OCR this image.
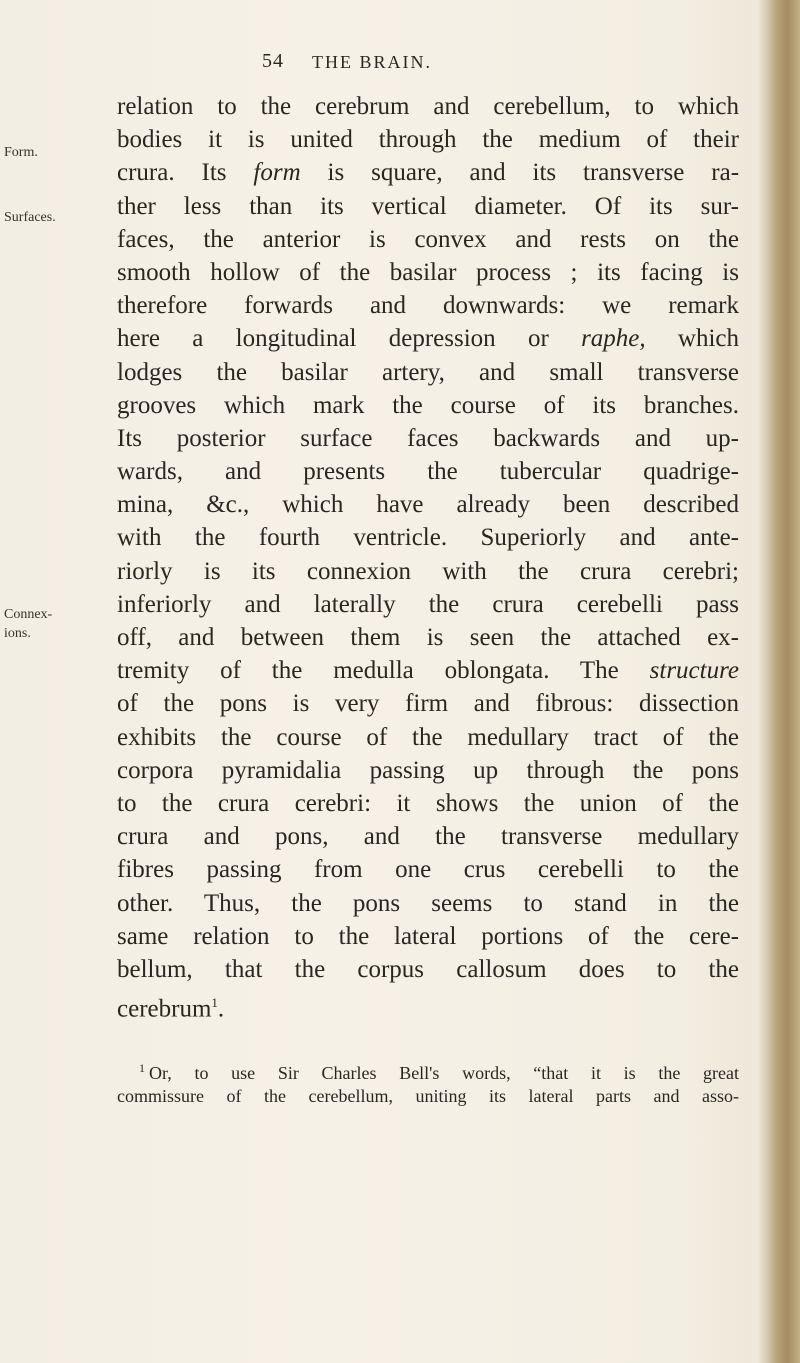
54 THE BRAIN.
Form.
Surfaces.
Connex-
ions.
relation to the cerebrum and cerebellum, to which
bodies it is united through the medium of their
crura. Its form is square, and its transverse ra-
ther less than its vertical diameter. Of its sur-
faces, the anterior is convex and rests on the
smooth hollow of the basilar process ; its facing is
therefore forwards and downwards: we remark
here a longitudinal depression or raphe, which
lodges the basilar artery, and small transverse
grooves which mark the course of its branches.
Its posterior surface faces backwards and up-
wards, and presents the tubercular quadrige-
mina, &c., which have already been described
with the fourth ventricle. Superiorly and ante-
riorly is its connexion with the crura cerebri;
inferiorly and laterally the crura cerebelli pass
off, and between them is seen the attached ex-
tremity of the medulla oblongata. The structure
of the pons is very firm and fibrous: dissection
exhibits the course of the medullary tract of the
corpora pyramidalia passing up through the pons
to the crura cerebri: it shows the union of the
crura and pons, and the transverse medullary
fibres passing from one crus cerebelli to the
other. Thus, the pons seems to stand in the
same relation to the lateral portions of the cere-
bellum, that the corpus callosum does to the
cerebrum$^1$.
$^1$ Or, to use Sir Charles Bell's words, “that it is the great
commissure of the cerebellum, uniting its lateral parts and asso-
